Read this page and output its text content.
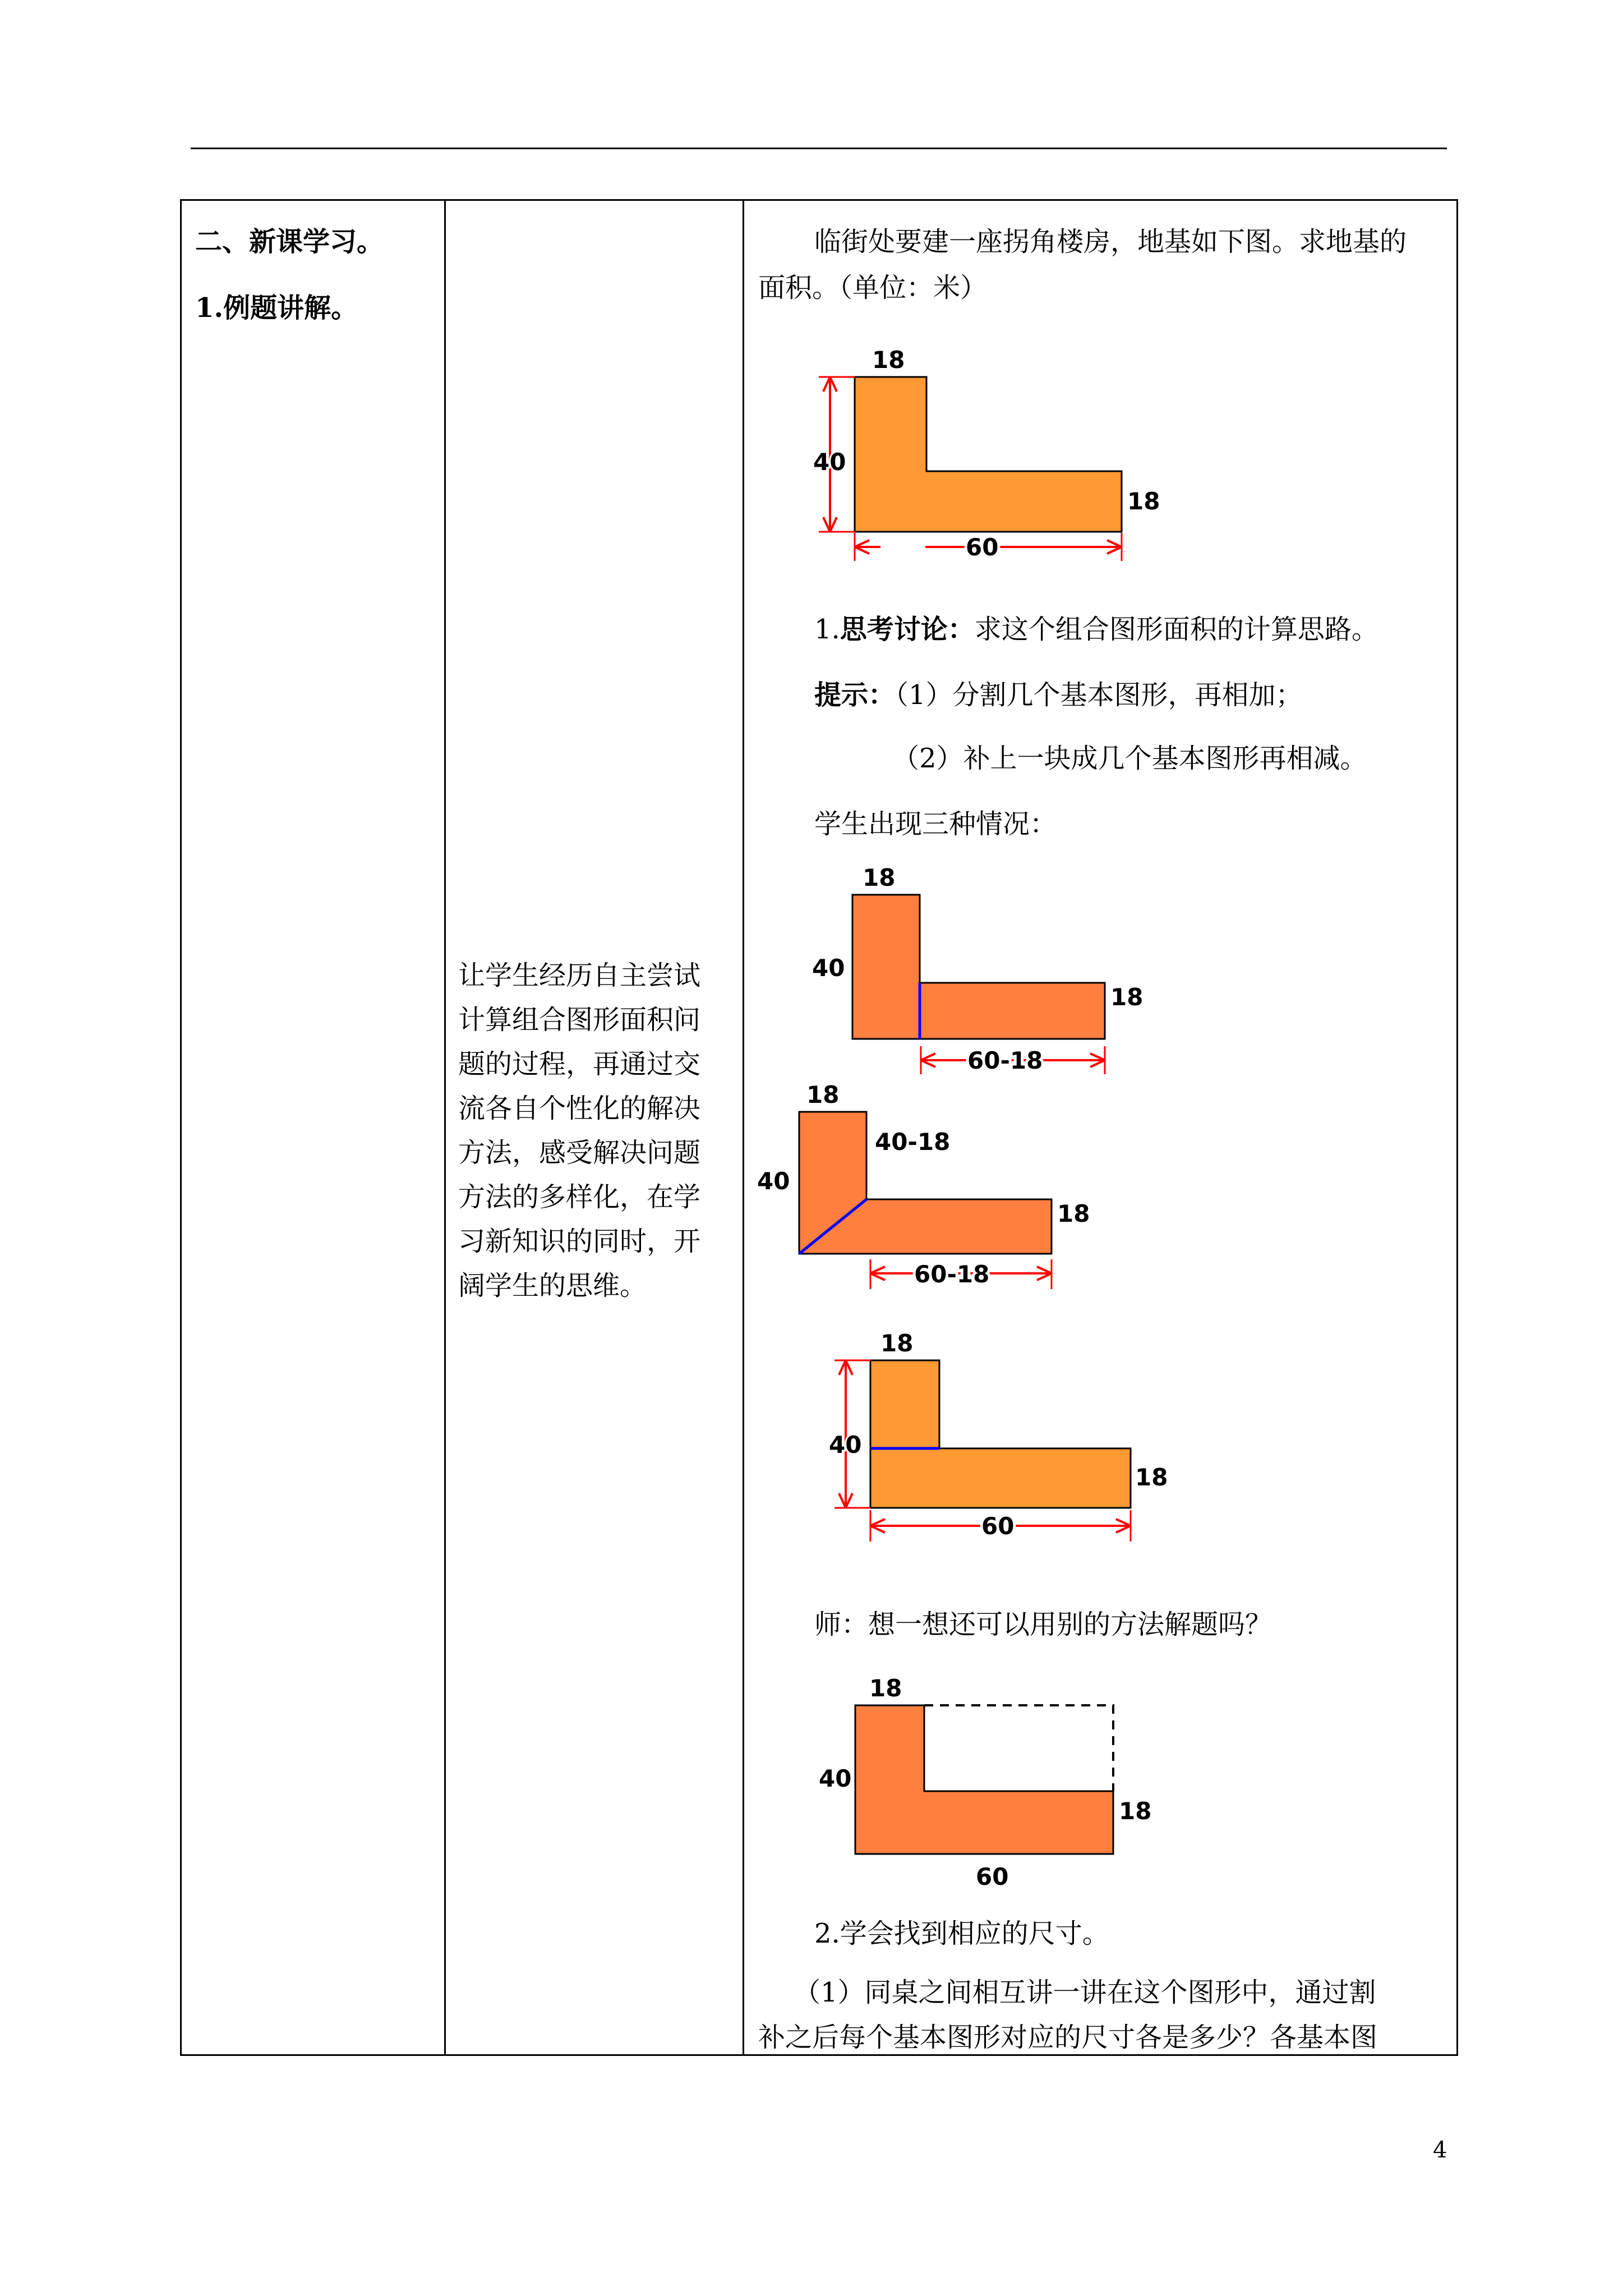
二、新课学习。
1.例题讲解。
让学生经历自主尝试
计算组合图形面积问
题的过程，再通过交
流各自个性化的解决
方法，感受解决问题
方法的多样化，在学
习新知识的同时，开
阔学生的思维。
临街处要建一座拐角楼房，地基如下图。求地基的
面积。（单位：米）
18
40
18
60
1.思考讨论：求这个组合图形面积的计算思路。
提示：（1）分割几个基本图形，再相加；
（2）补上一块成几个基本图形再相减。
学生出现三种情况：
18
40
18
60-18
18
40
40-18
18
60-18
18
40
18
60
师：想一想还可以用别的方法解题吗？
18
40
18
60
2.学会找到相应的尺寸。
（1）同桌之间相互讲一讲在这个图形中，通过割
补之后每个基本图形对应的尺寸各是多少？各基本图
4
